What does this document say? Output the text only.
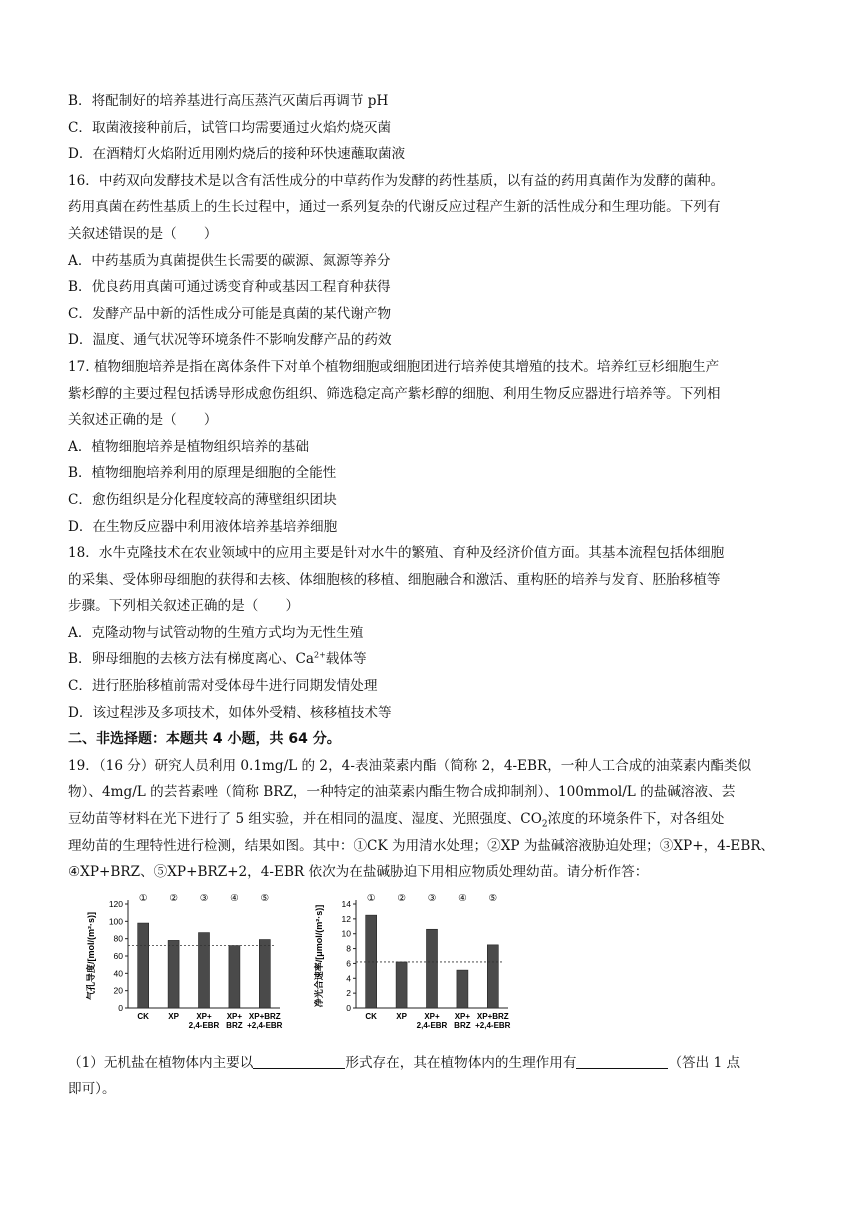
B．将配制好的培养基进行高压蒸汽灭菌后再调节 pH

C．取菌液接种前后，试管口均需要通过火焰灼烧灭菌

D．在酒精灯火焰附近用刚灼烧后的接种环快速蘸取菌液

16．中药双向发酵技术是以含有活性成分的中草药作为发酵的药性基质，以有益的药用真菌作为发酵的菌种。

药用真菌在药性基质上的生长过程中，通过一系列复杂的代谢反应过程产生新的活性成分和生理功能。下列有

关叙述错误的是（　　）

A．中药基质为真菌提供生长需要的碳源、氮源等养分

B．优良药用真菌可通过诱变育种或基因工程育种获得

C．发酵产品中新的活性成分可能是真菌的某代谢产物

D．温度、通气状况等环境条件不影响发酵产品的药效

17. 植物细胞培养是指在离体条件下对单个植物细胞或细胞团进行培养使其增殖的技术。培养红豆杉细胞生产

紫杉醇的主要过程包括诱导形成愈伤组织、筛选稳定高产紫杉醇的细胞、利用生物反应器进行培养等。下列相

关叙述正确的是（　　）

A．植物细胞培养是植物组织培养的基础

B．植物细胞培养利用的原理是细胞的全能性

C．愈伤组织是分化程度较高的薄壁组织团块

D．在生物反应器中利用液体培养基培养细胞

18．水牛克隆技术在农业领域中的应用主要是针对水牛的繁殖、育种及经济价值方面。其基本流程包括体细胞

的采集、受体卵母细胞的获得和去核、体细胞核的移植、细胞融合和激活、重构胚的培养与发育、胚胎移植等

步骤。下列相关叙述正确的是（　　）

A．克隆动物与试管动物的生殖方式均为无性生殖

B．卵母细胞的去核方法有梯度离心、$Ca^{2+}$载体等

C．进行胚胎移植前需对受体母牛进行同期发情处理

D．该过程涉及多项技术，如体外受精、核移植技术等

二、非选择题：本题共 4 小题，共 64 分。

19．（16 分）研究人员利用 0.1mg/L 的 2，4-表油菜素内酯（简称 2，4-EBR，一种人工合成的油菜素内酯类似

物）、4mg/L 的芸苔素唑（简称 BRZ，一种特定的油菜素内酯生物合成抑制剂）、100mmol/L 的盐碱溶液、芸

豆幼苗等材料在光下进行了 5 组实验，并在相同的温度、湿度、光照强度、$CO_2$浓度的环境条件下，对各组处

理幼苗的生理特性进行检测，结果如图。其中：①CK 为用清水处理；②XP 为盐碱溶液胁迫处理；③XP+，4-EBR、

④XP+BRZ、⑤XP+BRZ+2，4-EBR 依次为在盐碱胁迫下用相应物质处理幼苗。请分析作答：

气孔导度/[mol/(m²·s)]
0
20
40
60
80
100
120 ①
CK
②
XP
③
XP+
2,4-EBR
④
XP+
BRZ
⑤
XP+BRZ
+2,4-EBR
净光合速率/[μmol/(m²·s)]
0
2
4
6
8
10
12
14 ①
CK
②
XP
③
XP+
2,4-EBR
④
XP+
BRZ
⑤
XP+BRZ
+2,4-EBR

（1）无机盐在植物体内主要以	形式存在，其在植物体内的生理作用有	（答出 1 点

即可）。
